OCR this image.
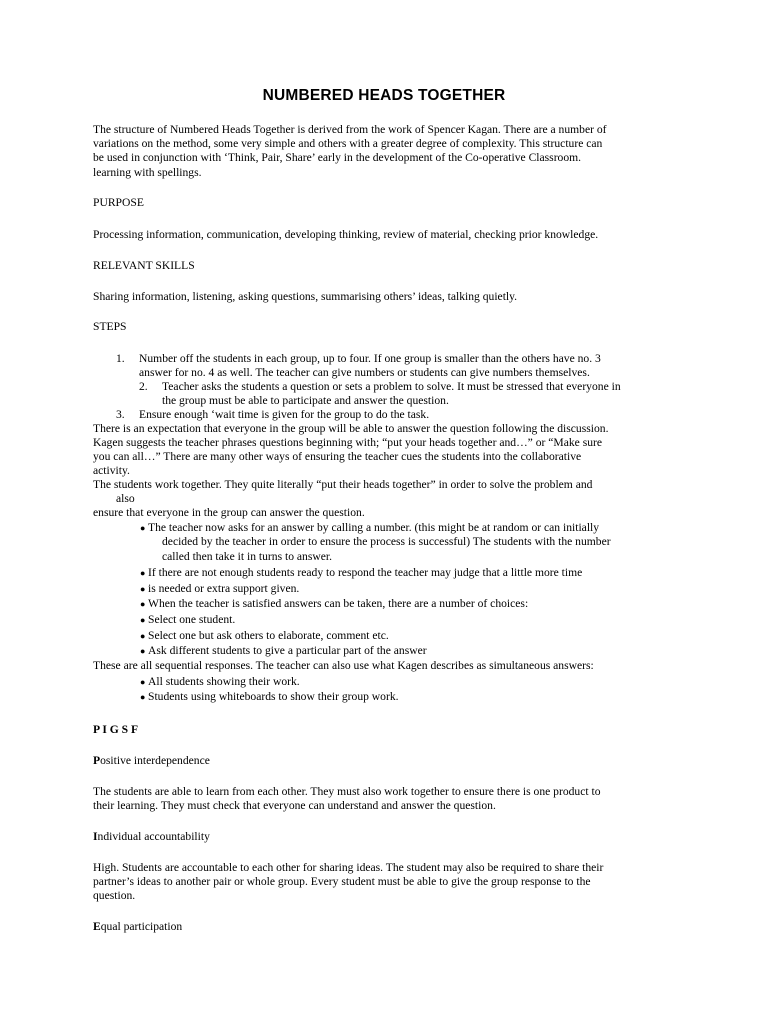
NUMBERED HEADS TOGETHER
The structure of Numbered Heads Together is derived from the work of Spencer Kagan. There are a number of
variations on the method, some very simple and others with a greater degree of complexity. This structure can
be used in conjunction with ‘Think, Pair, Share’ early in the development of the Co-operative Classroom.
learning with spellings.
PURPOSE
Processing information, communication, developing thinking, review of material, checking prior knowledge.
RELEVANT SKILLS
Sharing information, listening, asking questions, summarising others’ ideas, talking quietly.
STEPS
1. Number off the students in each group, up to four. If one group is smaller than the others have no. 3
answer for no. 4 as well. The teacher can give numbers or students can give numbers themselves.
2. Teacher asks the students a question or sets a problem to solve. It must be stressed that everyone in
the group must be able to participate and answer the question.
3. Ensure enough ‘wait time is given for the group to do the task.
There is an expectation that everyone in the group will be able to answer the question following the discussion.
Kagen suggests the teacher phrases questions beginning with; “put your heads together and…” or “Make sure
you can all…” There are many other ways of ensuring the teacher cues the students into the collaborative
activity.
The students work together. They quite literally “put their heads together” in order to solve the problem and
also
ensure that everyone in the group can answer the question.
● The teacher now asks for an answer by calling a number. (this might be at random or can initially
decided by the teacher in order to ensure the process is successful) The students with the number
called then take it in turns to answer.
● If there are not enough students ready to respond the teacher may judge that a little more time
● is needed or extra support given.
● When the teacher is satisfied answers can be taken, there are a number of choices:
● Select one student.
● Select one but ask others to elaborate, comment etc.
● Ask different students to give a particular part of the answer
These are all sequential responses. The teacher can also use what Kagen describes as simultaneous answers:
● All students showing their work.
● Students using whiteboards to show their group work.
P I G S F
Positive interdependence
The students are able to learn from each other. They must also work together to ensure there is one product to
their learning. They must check that everyone can understand and answer the question.
Individual accountability
High. Students are accountable to each other for sharing ideas. The student may also be required to share their
partner’s ideas to another pair or whole group. Every student must be able to give the group response to the
question.
Equal participation
